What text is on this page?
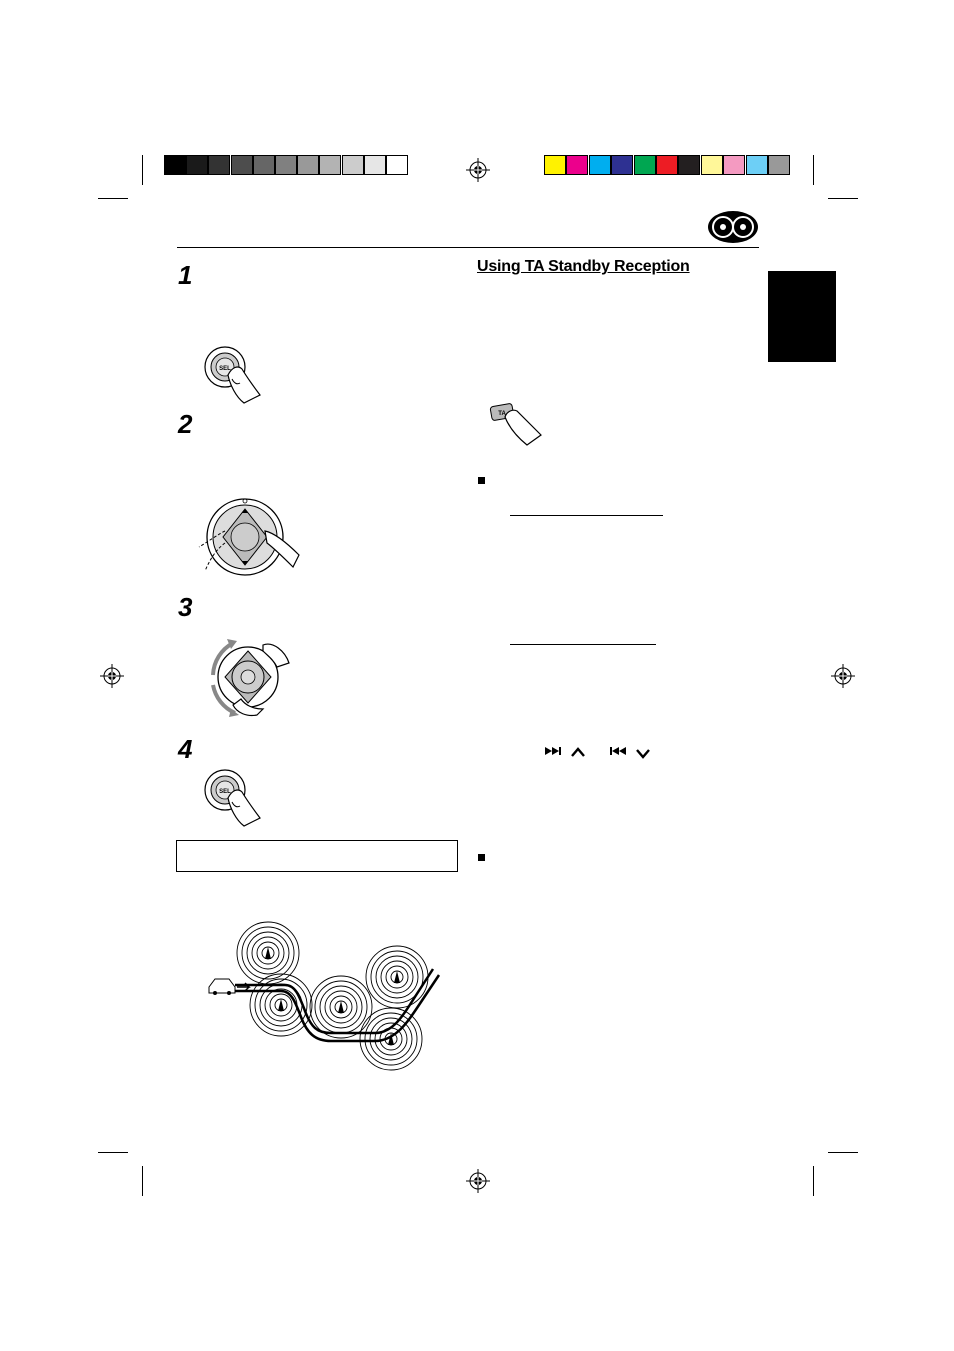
1
2
3
4
SEL
SEL
Using TA Standby Reception
TA
